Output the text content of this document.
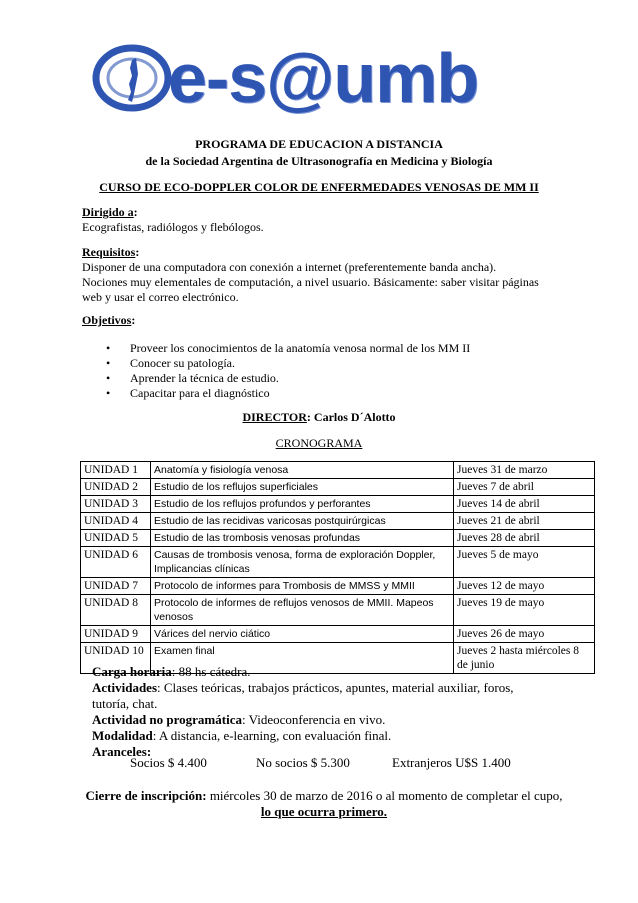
e-s@umb
PROGRAMA DE EDUCACION A DISTANCIA
de la Sociedad Argentina de Ultrasonografía en Medicina y Biología
CURSO DE ECO-DOPPLER COLOR DE ENFERMEDADES VENOSAS DE MM II
Dirigido a:
Ecografistas, radiólogos y flebólogos.
Requisitos:
Disponer de una computadora con conexión a internet (preferentemente banda ancha).
Nociones muy elementales de computación, a nivel usuario. Básicamente: saber visitar páginas
web y usar el correo electrónico.
Objetivos:
• Proveer los conocimientos de la anatomía venosa normal de los MM II
• Conocer su patología.
• Aprender la técnica de estudio.
• Capacitar para el diagnóstico
DIRECTOR: Carlos D´Alotto
CRONOGRAMA
UNIDAD 1	Anatomía y fisiología venosa	Jueves 31 de marzo
UNIDAD 2	Estudio de los reflujos superficiales	Jueves 7 de abril
UNIDAD 3	Estudio de los reflujos profundos y perforantes	Jueves 14 de abril
UNIDAD 4	Estudio de las recidivas varicosas postquirúrgicas	Jueves 21 de abril
UNIDAD 5	Estudio de las trombosis venosas profundas	Jueves 28 de abril
UNIDAD 6	Causas de trombosis venosa, forma de exploración Doppler, Implicancias clínicas	Jueves 5 de mayo
UNIDAD 7	Protocolo de informes para Trombosis de MMSS y MMII	Jueves 12 de mayo
UNIDAD 8	Protocolo de informes de reflujos venosos de MMII. Mapeos venosos	Jueves 19 de mayo
UNIDAD 9	Várices del nervio ciático	Jueves 26 de mayo
UNIDAD 10	Examen final	Jueves 2 hasta miércoles 8 de junio
Carga horaria: 88 hs cátedra.
Actividades: Clases teóricas, trabajos prácticos, apuntes, material auxiliar, foros, tutoría, chat.
Actividad no programática: Videoconferencia en vivo.
Modalidad: A distancia, e-learning, con evaluación final.
Aranceles:
Socios $ 4.400	No socios $ 5.300	Extranjeros U$S 1.400
Cierre de inscripción: miércoles 30 de marzo de 2016 o al momento de completar el cupo, lo que ocurra primero.
